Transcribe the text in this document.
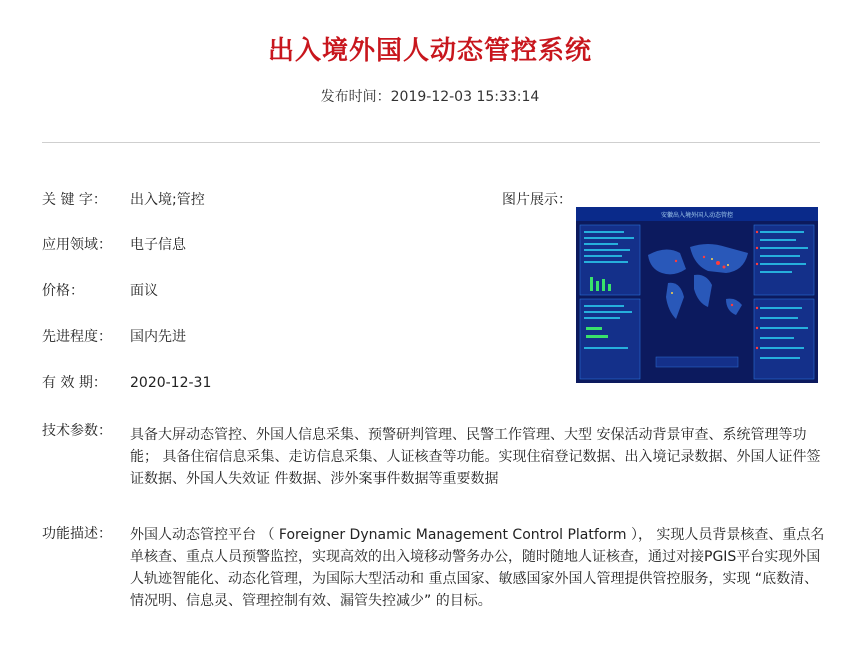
出入境外国人动态管控系统
发布时间：2019-12-03 15:33:14
关 键 字：	出入境;管控
应用领域：	电子信息
价格：	面议
先进程度：	国内先进
有 效 期：	2020-12-31
图片展示：
安徽出入境外国人动态管控
技术参数： 具备大屏动态管控、外国人信息采集、预警研判管理、民警工作管理、大型 安保活动背景审查、系统管理等功能； 具备住宿信息采集、走访信息采集、人证核查等功能。实现住宿登记数据、出入境记录数据、外国人证件签证数据、外国人失效证 件数据、涉外案事件数据等重要数据
功能描述： 外国人动态管控平台 （ Foreigner Dynamic Management Control Platform ）， 实现人员背景核查、重点名单核查、重点人员预警监控，实现高效的出入境移动警务办公，随时随地人证核查，通过对接PGIS平台实现外国人轨迹智能化、动态化管理，为国际大型活动和 重点国家、敏感国家外国人管理提供管控服务，实现 “底数清、情况明、信息灵、管理控制有效、漏管失控减少” 的目标。
